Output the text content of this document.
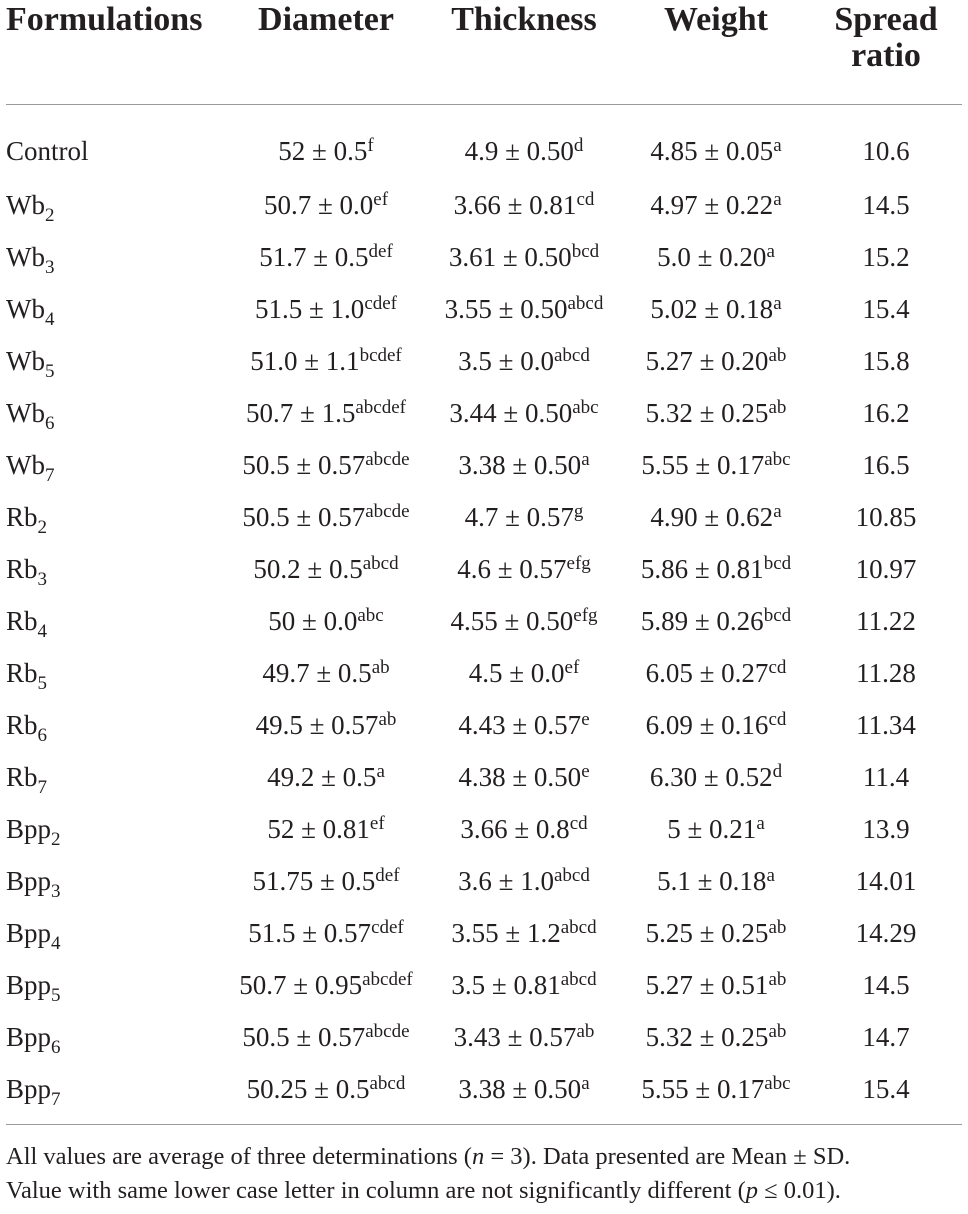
Formulations	Diameter	Thickness	Weight	Spread ratio
Control	52 ± 0.5$^f$	4.9 ± 0.50$^d$	4.85 ± 0.05$^a$	10.6
$Wb_2$	50.7 ± 0.0$^{ef}$	3.66 ± 0.81$^{cd}$	4.97 ± 0.22$^a$	14.5
$Wb_3$	51.7 ± 0.5$^{def}$	3.61 ± 0.50$^{bcd}$	5.0 ± 0.20$^a$	15.2
$Wb_4$	$51.5 \pm 1.0^{cdef}$	$3.55 \pm 0.50^{abcd}$	5.02 ± 0.18$^a$	15.4
$Wb_5$	$51.0 \pm 1.1^{bcdef}$	$3.5 \pm 0.0^{abcd}$	5.27 ± 0.20$^{ab}$	15.8
$Wb_6$	$50.7 \pm 1.5^{abcdef}$	3.44 ± 0.50$^{abc}$	5.32 ± 0.25$^{ab}$	16.2
$Wb_7$	$50.5 \pm 0.57^{abcde}$	3.38 ± 0.50$^a$	5.55 ± 0.17$^{abc}$	16.5
$Rb_2$	$50.5 \pm 0.57^{abcde}$	4.7 ± 0.57$^g$	4.90 ± 0.62$^a$	10.85
$Rb_3$	$50.2 \pm 0.5^{abcd}$	4.6 ± 0.57$^{efg}$	5.86 ± 0.81$^{bcd}$	10.97
$Rb_4$	50 ± 0.0$^{abc}$	4.55 ± 0.50$^{efg}$	5.89 ± 0.26$^{bcd}$	11.22
$Rb_5$	49.7 ± 0.5$^{ab}$	4.5 ± 0.0$^{ef}$	6.05 ± 0.27$^{cd}$	11.28
$Rb_6$	49.5 ± 0.57$^{ab}$	4.43 ± 0.57$^e$	6.09 ± 0.16$^{cd}$	11.34
$Rb_7$	49.2 ± 0.5$^a$	4.38 ± 0.50$^e$	6.30 ± 0.52$^d$	11.4
Bpp$_2$	52 ± 0.81$^{ef}$	3.66 ± 0.8$^{cd}$	5 ± 0.21$^a$	13.9
Bpp$_3$	51.75 ± 0.5$^{def}$	$3.6 \pm 1.0^{abcd}$	5.1 ± 0.18$^a$	14.01
Bpp$_4$	$51.5 \pm 0.57^{cdef}$	$3.55 \pm 1.2^{abcd}$	5.25 ± 0.25$^{ab}$	14.29
Bpp$_5$	$50.7 \pm 0.95^{abcdef}$	$3.5 \pm 0.81^{abcd}$	5.27 ± 0.51$^{ab}$	14.5
Bpp$_6$	$50.5 \pm 0.57^{abcde}$	3.43 ± 0.57$^{ab}$	5.32 ± 0.25$^{ab}$	14.7
Bpp$_7$	$50.25 \pm 0.5^{abcd}$	3.38 ± 0.50$^a$	5.55 ± 0.17$^{abc}$	15.4

All values are average of three determinations (n = 3). Data presented are Mean ± SD.

Value with same lower case letter in column are not significantly different (p ≤ 0.01).
